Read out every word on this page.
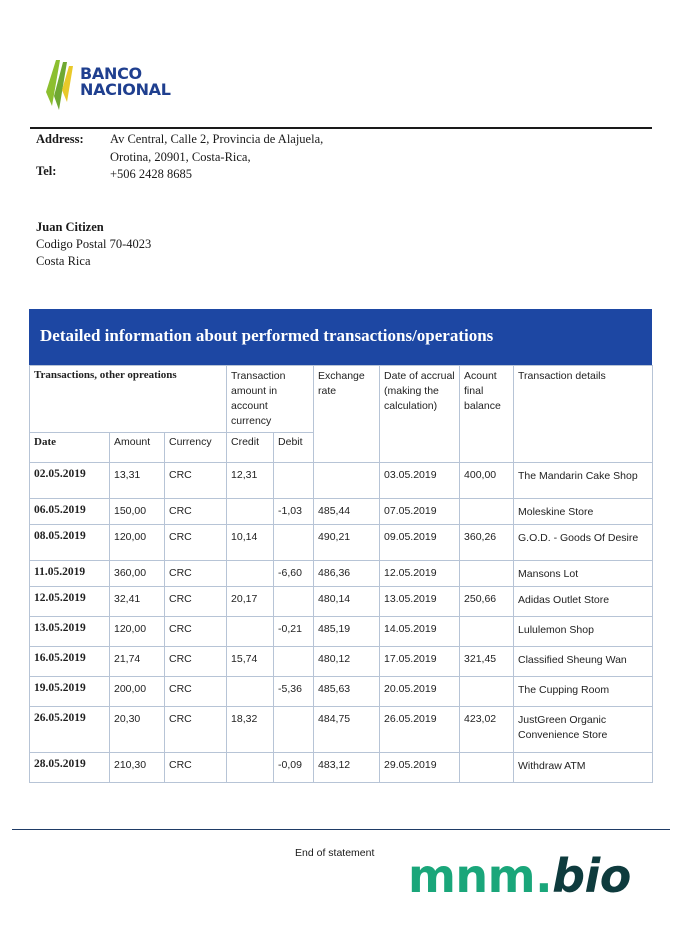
BANCO
NACIONAL
Address: Av Central, Calle 2, Provincia de Alajuela,
Orotina, 20901, Costa-Rica,
Tel:	+506 2428 8685
Juan Citizen
Codigo Postal 70-4023
Costa Rica
Detailed information about performed transactions/operations
Transactions, other opreations			Transaction amount in account currency		Exchange rate	Date of accrual (making the calculation)	Acount final balance	Transaction details
Date	Amount	Currency	Credit	Debit				
02.05.2019	13,31	CRC	12,31			03.05.2019	400,00	The Mandarin Cake Shop
06.05.2019	150,00	CRC		-1,03	485,44	07.05.2019		Moleskine Store
08.05.2019	120,00	CRC	10,14		490,21	09.05.2019	360,26	G.O.D. - Goods Of Desire
11.05.2019	360,00	CRC		-6,60	486,36	12.05.2019		Mansons Lot
12.05.2019	32,41	CRC	20,17		480,14	13.05.2019	250,66	Adidas Outlet Store
13.05.2019	120,00	CRC		-0,21	485,19	14.05.2019		Lululemon Shop
16.05.2019	21,74	CRC	15,74		480,12	17.05.2019	321,45	Classified Sheung Wan
19.05.2019	200,00	CRC		-5,36	485,63	20.05.2019		The Cupping Room
26.05.2019	20,30	CRC	18,32		484,75	26.05.2019	423,02	JustGreen Organic Convenience Store
28.05.2019	210,30	CRC		-0,09	483,12	29.05.2019		Withdraw ATM
End of statement mnm.bio
